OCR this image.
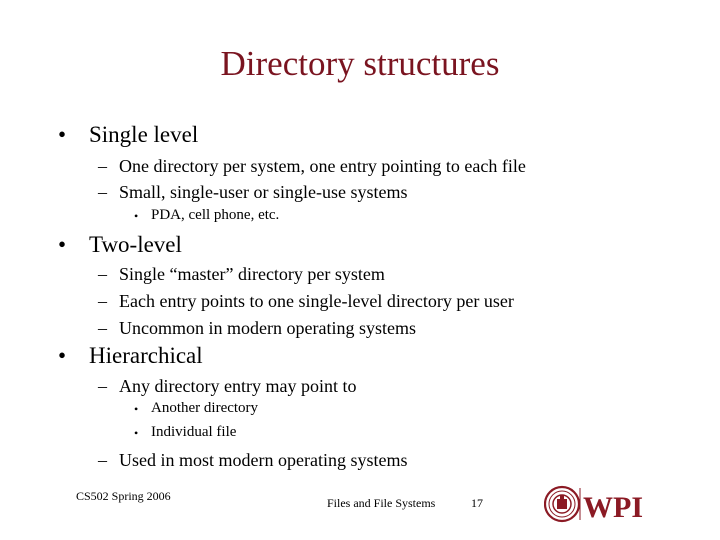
Directory structures
• Single level
– One directory per system, one entry pointing to each file
– Small, single-user or single-use systems
• PDA, cell phone, etc.
• Two-level
– Single “master” directory per system
– Each entry points to one single-level directory per user
– Uncommon in modern operating systems
• Hierarchical
– Any directory entry may point to
• Another directory
• Individual file
– Used in most modern operating systems
CS502 Spring 2006	Files and File Systems	17	WPI
